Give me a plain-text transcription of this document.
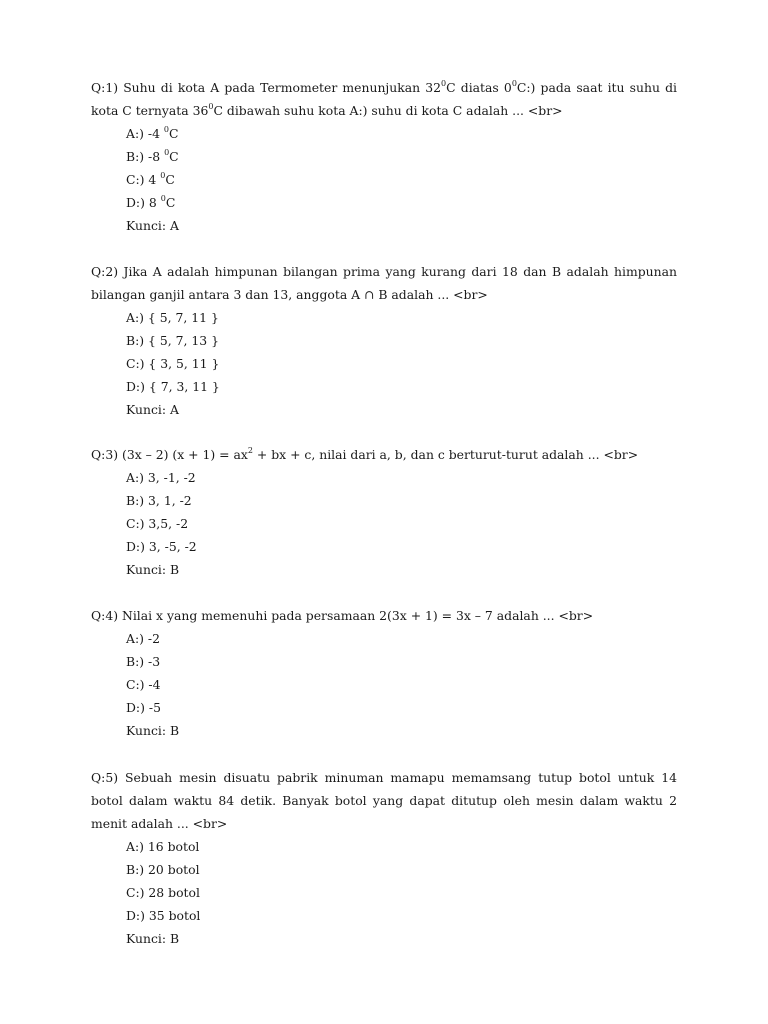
Q:1) Suhu di kota A pada Termometer menunjukan $32^0C$ diatas $0^0C$:) pada saat itu suhu di kota C ternyata $36^0C$ dibawah suhu kota A:) suhu di kota C adalah ... <br>

A:) -4 $^0$C
B:) -8 $^0$C
C:) 4 $^0$C
D:) 8 $^0$C
Kunci: A

Q:2) Jika A adalah himpunan bilangan prima yang kurang dari 18 dan B adalah himpunan bilangan ganjil antara 3 dan 13, anggota A ∩ B adalah ... <br>

A:) { 5, 7, 11 }
B:) { 5, 7, 13 }
C:) { 3, 5, 11 }
D:) { 7, 3, 11 }
Kunci: A

Q:3) (3x – 2) $(x + 1) = ax^2$ + bx + c, nilai dari a, b, dan c berturut-turut adalah ... <br>

A:) 3, -1, -2
B:) 3, 1, -2
C:) 3,5, -2
D:) 3, -5, -2
Kunci: B

Q:4) Nilai x yang memenuhi pada persamaan 2(3x + 1) = 3x – 7 adalah ... <br>

A:) -2
B:) -3
C:) -4
D:) -5
Kunci: B

Q:5) Sebuah mesin disuatu pabrik minuman mamapu memamsang tutup botol untuk 14 botol dalam waktu 84 detik. Banyak botol yang dapat ditutup oleh mesin dalam waktu 2 menit adalah ... <br>

A:) 16 botol
B:) 20 botol
C:) 28 botol
D:) 35 botol
Kunci: B
